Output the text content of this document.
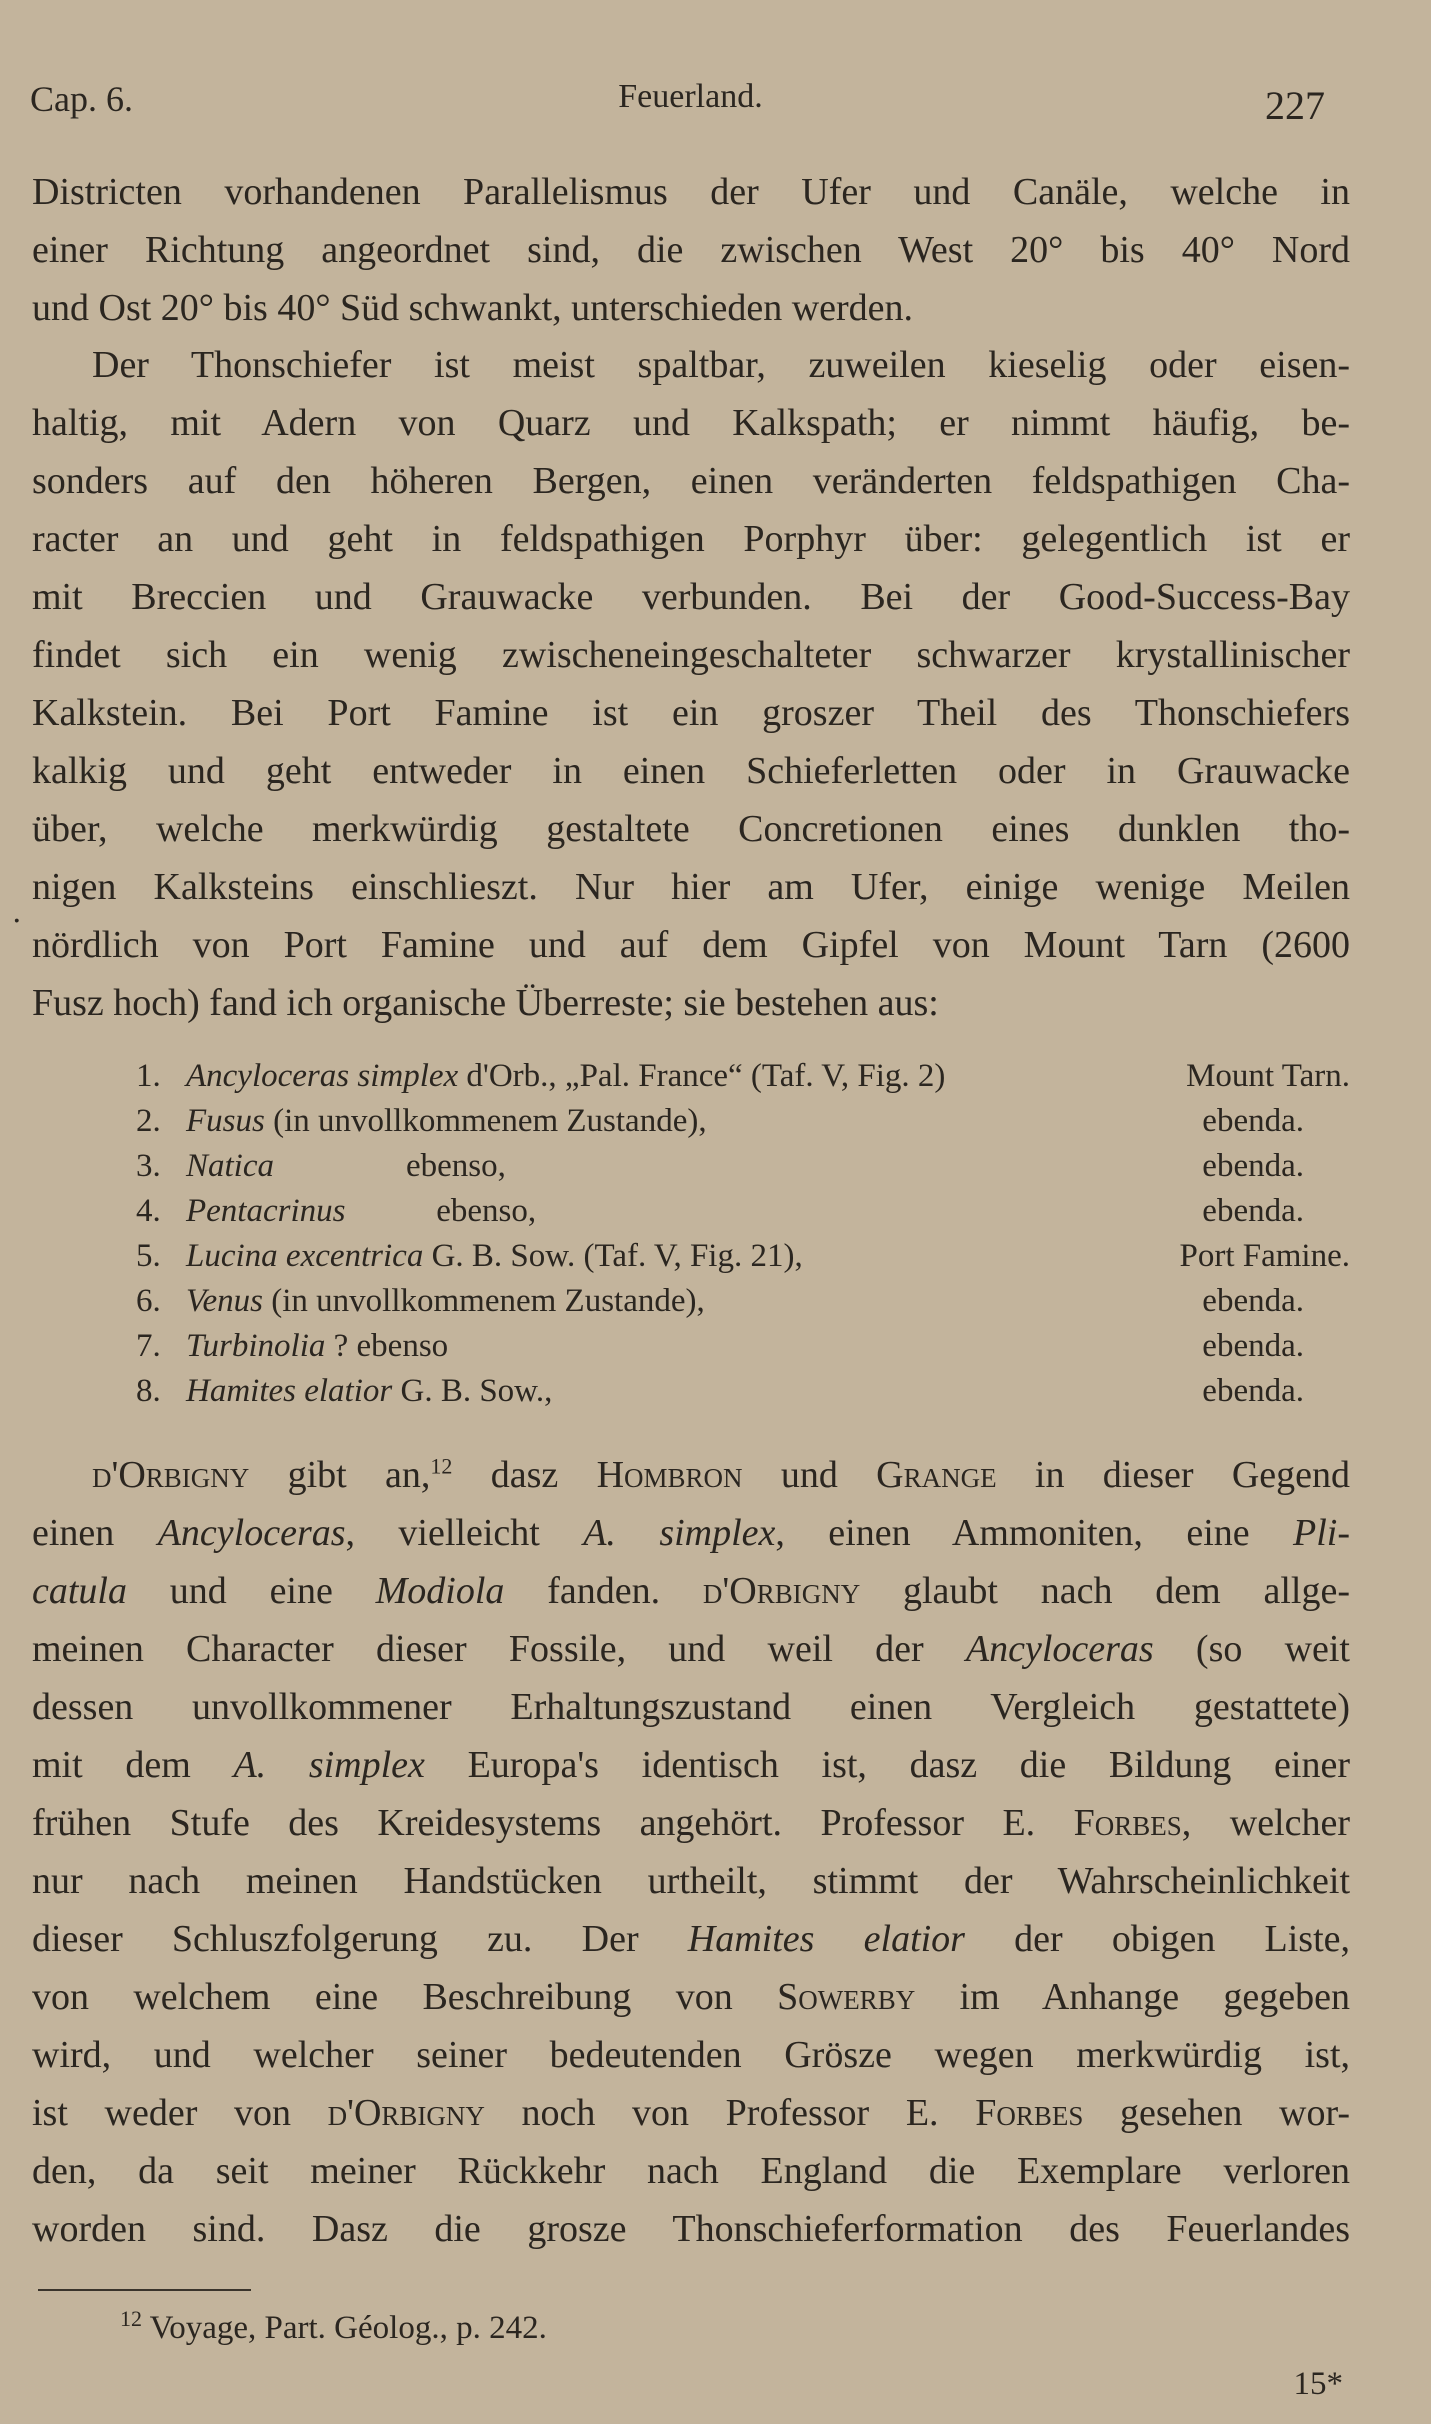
Cap. 6.	Feuerland.	227
Districten vorhandenen Parallelismus der Ufer und Canäle, welche in
einer Richtung angeordnet sind, die zwischen West 20° bis 40° Nord
und Ost 20° bis 40° Süd schwankt, unterschieden werden.
Der Thonschiefer ist meist spaltbar, zuweilen kieselig oder eisen-
haltig, mit Adern von Quarz und Kalkspath; er nimmt häufig, be-
sonders auf den höheren Bergen, einen veränderten feldspathigen Cha-
racter an und geht in feldspathigen Porphyr über: gelegentlich ist er
mit Breccien und Grauwacke verbunden. Bei der Good-Success-Bay
findet sich ein wenig zwischeneingeschalteter schwarzer krystallinischer
Kalkstein. Bei Port Famine ist ein groszer Theil des Thonschiefers
kalkig und geht entweder in einen Schieferletten oder in Grauwacke
über, welche merkwürdig gestaltete Concretionen eines dunklen tho-
nigen Kalksteins einschlieszt. Nur hier am Ufer, einige wenige Meilen
nördlich von Port Famine und auf dem Gipfel von Mount Tarn (2600
Fusz hoch) fand ich organische Überreste; sie bestehen aus:
.
1. Ancyloceras simplex d'Orb., „Pal. France“ (Taf. V, Fig. 2)	Mount Tarn.
2. Fusus (in unvollkommenem Zustande),	ebenda.
3. Natica                ebenso,	ebenda.
4. Pentacrinus           ebenso,	ebenda.
5. Lucina excentrica G. B. Sow. (Taf. V, Fig. 21),	Port Famine.
6. Venus (in unvollkommenem Zustande),	ebenda.
7. Turbinolia ? ebenso	ebenda.
8. Hamites elatior G. B. Sow.,	ebenda.
d'Orbigny gibt an,$^{12}$ dasz Hombron und Grange in dieser Gegend
einen Ancyloceras, vielleicht A. simplex, einen Ammoniten, eine Pli-
catula und eine Modiola fanden. d'Orbigny glaubt nach dem allge-
meinen Character dieser Fossile, und weil der Ancyloceras (so weit
dessen unvollkommener Erhaltungszustand einen Vergleich gestattete)
mit dem A. simplex Europa's identisch ist, dasz die Bildung einer
frühen Stufe des Kreidesystems angehört. Professor E. Forbes, welcher
nur nach meinen Handstücken urtheilt, stimmt der Wahrscheinlichkeit
dieser Schluszfolgerung zu. Der Hamites elatior der obigen Liste,
von welchem eine Beschreibung von Sowerby im Anhange gegeben
wird, und welcher seiner bedeutenden Grösze wegen merkwürdig ist,
ist weder von d'Orbigny noch von Professor E. Forbes gesehen wor-
den, da seit meiner Rückkehr nach England die Exemplare verloren
worden sind. Dasz die grosze Thonschieferformation des Feuerlandes
$^{12}$ Voyage, Part. Géolog., p. 242.
15*
